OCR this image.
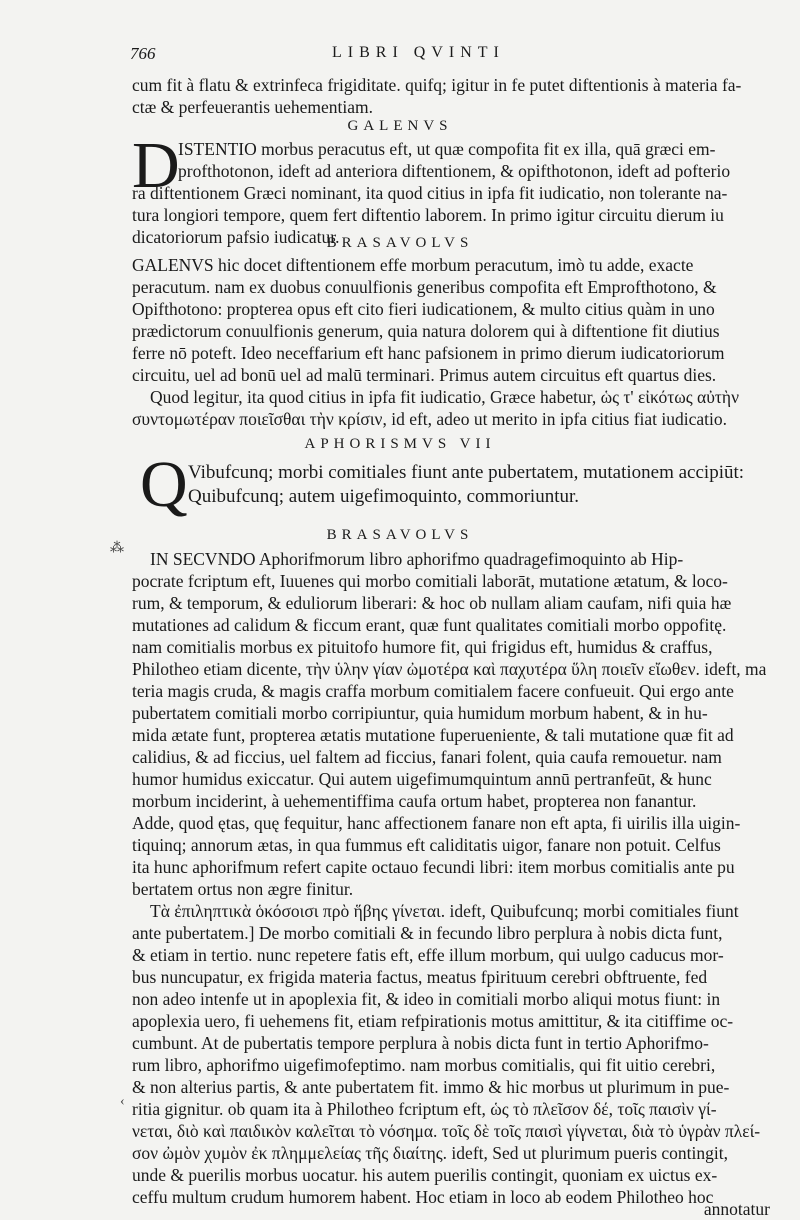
766	LIBRI QVINTI
cum fit à flatu & extrinfeca frigiditate. quifq; igitur in fe putet diftentionis à materia fa-
ctæ & perfeuerantis uehementiam.
GALENVS
D
ISTENTIO morbus peracutus eft, ut quæ compofita fit ex illa, quā græci em-
profthotonon, ideft ad anteriora diftentionem, & opifthotonon, ideft ad pofterio
ra diftentionem Græci nominant, ita quod citius in ipfa fit iudicatio, non tolerante na-
tura longiori tempore, quem fert diftentio laborem. In primo igitur circuitu dierum iu
dicatoriorum pafsio iudicatur.
BRASAVOLVS
GALENVS hic docet diftentionem effe morbum peracutum, imò tu adde, exacte
peracutum. nam ex duobus conuulfionis generibus compofita eft Emprofthotono, &
Opifthotono: propterea opus eft cito fieri iudicationem, & multo citius quàm in uno
prædictorum conuulfionis generum, quia natura dolorem qui à diftentione fit diutius
ferre nō poteft. Ideo neceffarium eft hanc pafsionem in primo dierum iudicatoriorum
circuitu, uel ad bonū uel ad malū terminari. Primus autem circuitus eft quartus dies.
Quod legitur, ita quod citius in ipfa fit iudicatio, Græce habetur, ὡς τ' εἰκότως αὐτὴν
συντομωτέραν ποιεῖσθαι τὴν κρίσιν, id eft, adeo ut merito in ipfa citius fiat iudicatio.
APHORISMVS VII
Q Vibufcunq; morbi comitiales fiunt ante pubertatem, mutationem accipiūt:
Quibufcunq; autem uigefimoquinto, commoriuntur.
BRASAVOLVS
IN SECVNDO Aphorifmorum libro aphorifmo quadragefimoquinto ab Hip-
pocrate fcriptum eft, Iuuenes qui morbo comitiali laborāt, mutatione ætatum, & loco-
rum, & temporum, & eduliorum liberari: & hoc ob nullam aliam caufam, nifi quia hæ
mutationes ad calidum & ficcum erant, quæ funt qualitates comitiali morbo oppofitę.
nam comitialis morbus ex pituitofo humore fit, qui frigidus eft, humidus & craffus,
Philotheo etiam dicente, τὴν ὑλην γίαν ὠμοτέρα καὶ παχυτέρα ὕλη ποιεῖν εἴωθεν. ideft, ma
teria magis cruda, & magis craffa morbum comitialem facere confueuit. Qui ergo ante
pubertatem comitiali morbo corripiuntur, quia humidum morbum habent, & in hu-
mida ætate funt, propterea ætatis mutatione fuperueniente, & tali mutatione quæ fit ad
calidius, & ad ficcius, uel faltem ad ficcius, fanari folent, quia caufa remouetur. nam
humor humidus exiccatur. Qui autem uigefimumquintum annū pertranfeūt, & hunc
morbum inciderint, à uehementiffima caufa ortum habet, propterea non fanantur.
Adde, quod ętas, quę fequitur, hanc affectionem fanare non eft apta, fi uirilis illa uigin-
tiquinq; annorum ætas, in qua fummus eft caliditatis uigor, fanare non potuit. Celfus
ita hunc aphorifmum refert capite octauo fecundi libri: item morbus comitialis ante pu
bertatem ortus non ægre finitur.
Τὰ ἐπιληπτικὰ ὁκόσοισι πρὸ ἥβης γίνεται. ideft, Quibufcunq; morbi comitiales fiunt
ante pubertatem.] De morbo comitiali & in fecundo libro perplura à nobis dicta funt,
& etiam in tertio. nunc repetere fatis eft, effe illum morbum, qui uulgo caducus mor-
bus nuncupatur, ex frigida materia factus, meatus fpirituum cerebri obftruente, fed
non adeo intenfe ut in apoplexia fit, & ideo in comitiali morbo aliqui motus fiunt: in
apoplexia uero, fi uehemens fit, etiam refpirationis motus amittitur, & ita citiffime oc-
cumbunt. At de pubertatis tempore perplura à nobis dicta funt in tertio Aphorifmo-
rum libro, aphorifmo uigefimofeptimo. nam morbus comitialis, qui fit uitio cerebri,
& non alterius partis, & ante pubertatem fit. immo & hic morbus ut plurimum in pue-
ritia gignitur. ob quam ita à Philotheo fcriptum eft, ὡς τὸ πλεῖσον δέ, τοῖς παισὶν γί-
νεται, διὸ καὶ παιδικὸν καλεῖται τὸ νόσημα. τοῖς δὲ τοῖς παισὶ γίγνεται, διὰ τὸ ὑγρὰν πλεί-
σον ὠμὸν χυμὸν ἐκ πλημμελείας τῆς διαίτης. ideft, Sed ut plurimum pueris contingit,
unde & puerilis morbus uocatur. his autem puerilis contingit, quoniam ex uictus ex-
ceffu multum crudum humorem habent. Hoc etiam in loco ab eodem Philotheo hoc
annotatur
⁂
‹
